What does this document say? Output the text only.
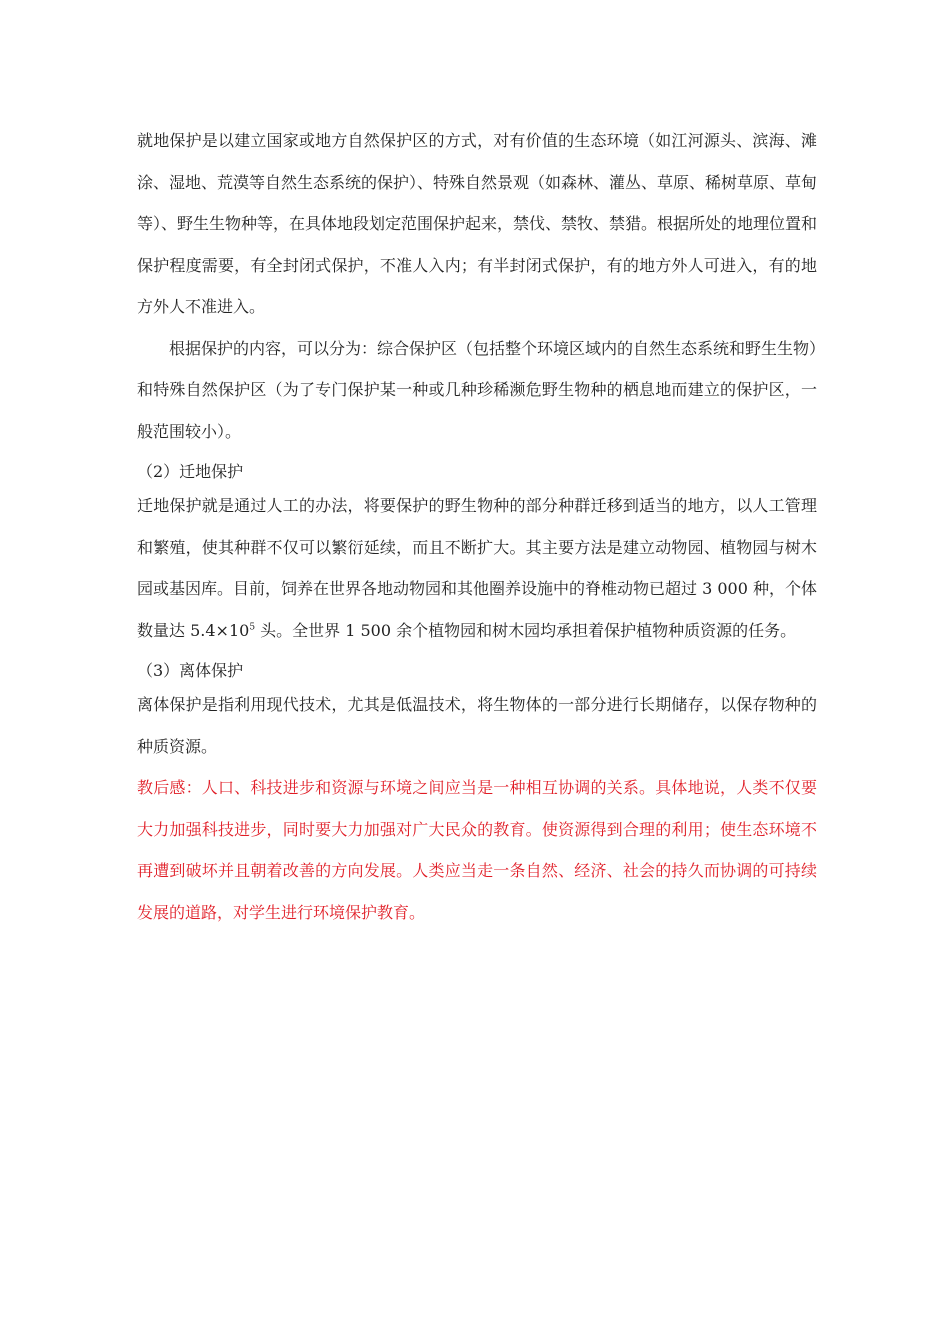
就地保护是以建立国家或地方自然保护区的方式，对有价值的生态环境（如江河源头、滨海、滩涂、湿地、荒漠等自然生态系统的保护）、特殊自然景观（如森林、灌丛、草原、稀树草原、草甸等）、野生生物种等，在具体地段划定范围保护起来，禁伐、禁牧、禁猎。根据所处的地理位置和保护程度需要，有全封闭式保护，不准人入内；有半封闭式保护，有的地方外人可进入，有的地方外人不准进入。

根据保护的内容，可以分为：综合保护区（包括整个环境区域内的自然生态系统和野生生物）和特殊自然保护区（为了专门保护某一种或几种珍稀濒危野生物种的栖息地而建立的保护区，一般范围较小）。

（2）迁地保护

迁地保护就是通过人工的办法，将要保护的野生物种的部分种群迁移到适当的地方，以人工管理和繁殖，使其种群不仅可以繁衍延续，而且不断扩大。其主要方法是建立动物园、植物园与树木园或基因库。目前，饲养在世界各地动物园和其他圈养设施中的脊椎动物已超过 3 000 种，个体数量达 $5.4\times 10^5$ 头。全世界 1 500 余个植物园和树木园均承担着保护植物种质资源的任务。

（3）离体保护

离体保护是指利用现代技术，尤其是低温技术，将生物体的一部分进行长期储存，以保存物种的种质资源。

教后感：人口、科技进步和资源与环境之间应当是一种相互协调的关系。具体地说，人类不仅要大力加强科技进步，同时要大力加强对广大民众的教育。使资源得到合理的利用；使生态环境不再遭到破坏并且朝着改善的方向发展。人类应当走一条自然、经济、社会的持久而协调的可持续发展的道路，对学生进行环境保护教育。
